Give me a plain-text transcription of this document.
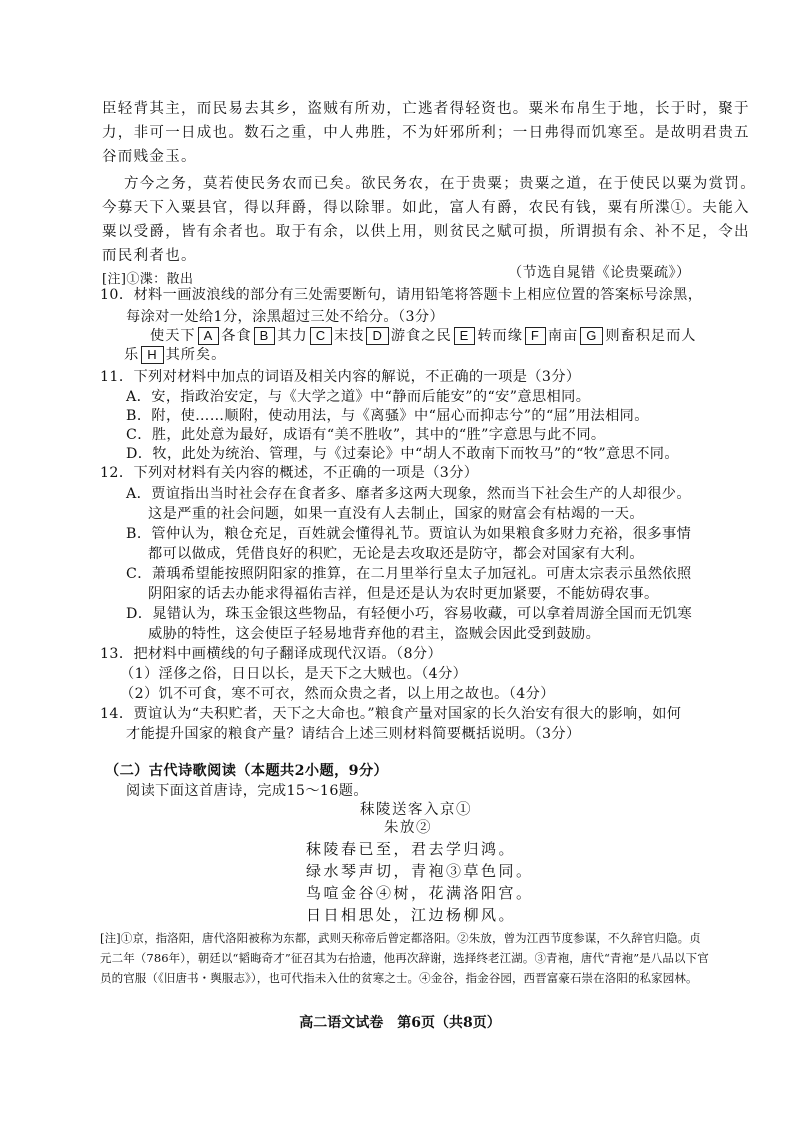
臣轻背其主，而民易去其乡，盗贼有所劝，亡逃者得轻资也。粟米布帛生于地，长于时，聚于
力，非可一日成也。数石之重，中人弗胜，不为奸邪所利；一日弗得而饥寒至。是故明君贵五
谷而贱金玉。
方今之务，莫若使民务农而已矣。欲民务农，在于贵粟；贵粟之道，在于使民以粟为赏罚。
今募天下入粟县官，得以拜爵，得以除罪。如此，富人有爵，农民有钱，粟有所渫①。夫能入
粟以受爵，皆有余者也。取于有余，以供上用，则贫民之赋可损，所谓损有余、补不足，令出
而民利者也。
[注]①渫：散出	（节选自晁错《论贵粟疏》）
10．材料一画波浪线的部分有三处需要断句，请用铅笔将答题卡上相应位置的答案标号涂黑，
每涂对一处给1分，涂黑超过三处不给分。（3分）
使天下 A 各食 B 其力 C 末技 D 游食之民 E 转而缘 F 南亩 G 则畜积足而人
乐 H 其所矣。
11．下列对材料中加点的词语及相关内容的解说，不正确的一项是（3分）
A．安，指政治安定，与《大学之道》中“静而后能安”的“安”意思相同。
B．附，使……顺附，使动用法，与《离骚》中“屈心而抑志兮”的“屈”用法相同。
C．胜，此处意为最好，成语有“美不胜收”，其中的“胜”字意思与此不同。
D．牧，此处为统治、管理，与《过秦论》中“胡人不敢南下而牧马”的“牧”意思不同。
12．下列对材料有关内容的概述，不正确的一项是（3分）
A．贾谊指出当时社会存在食者多、靡者多这两大现象，然而当下社会生产的人却很少。
这是严重的社会问题，如果一直没有人去制止，国家的财富会有枯竭的一天。
B．管仲认为，粮仓充足，百姓就会懂得礼节。贾谊认为如果粮食多财力充裕，很多事情
都可以做成，凭借良好的积贮，无论是去攻取还是防守，都会对国家有大利。
C．萧瑀希望能按照阴阳家的推算，在二月里举行皇太子加冠礼。可唐太宗表示虽然依照
阴阳家的话去办能求得福佑吉祥，但是还是认为农时更加紧要，不能妨碍农事。
D．晁错认为，珠玉金银这些物品，有轻便小巧，容易收藏，可以拿着周游全国而无饥寒
威胁的特性，这会使臣子轻易地背弃他的君主，盗贼会因此受到鼓励。
13．把材料中画横线的句子翻译成现代汉语。（8分）
（1）淫侈之俗，日日以长，是天下之大贼也。（4分）
（2）饥不可食，寒不可衣，然而众贵之者，以上用之故也。（4分）
14．贾谊认为“夫积贮者，天下之大命也。”粮食产量对国家的长久治安有很大的影响，如何
才能提升国家的粮食产量？请结合上述三则材料简要概括说明。（3分）
（二）古代诗歌阅读（本题共2小题，9分）
阅读下面这首唐诗，完成15～16题。
秣陵送客入京①
朱放②
秣陵春已至，君去学归鸿。
绿水琴声切，青袍③草色同。
鸟喧金谷④树，花满洛阳宫。
日日相思处，江边杨柳风。
[注]①京，指洛阳，唐代洛阳被称为东都，武则天称帝后曾定都洛阳。②朱放，曾为江西节度参谋，不久辞官归隐。贞
元二年（786年），朝廷以“韬晦奇才”征召其为右拾遗，他再次辞谢，选择终老江湖。③青袍，唐代“青袍”是八品以下官
员的官服（《旧唐书・舆服志》），也可代指未入仕的贫寒之士。④金谷，指金谷园，西晋富豪石崇在洛阳的私家园林。
高二语文试卷　第6页（共8页）
